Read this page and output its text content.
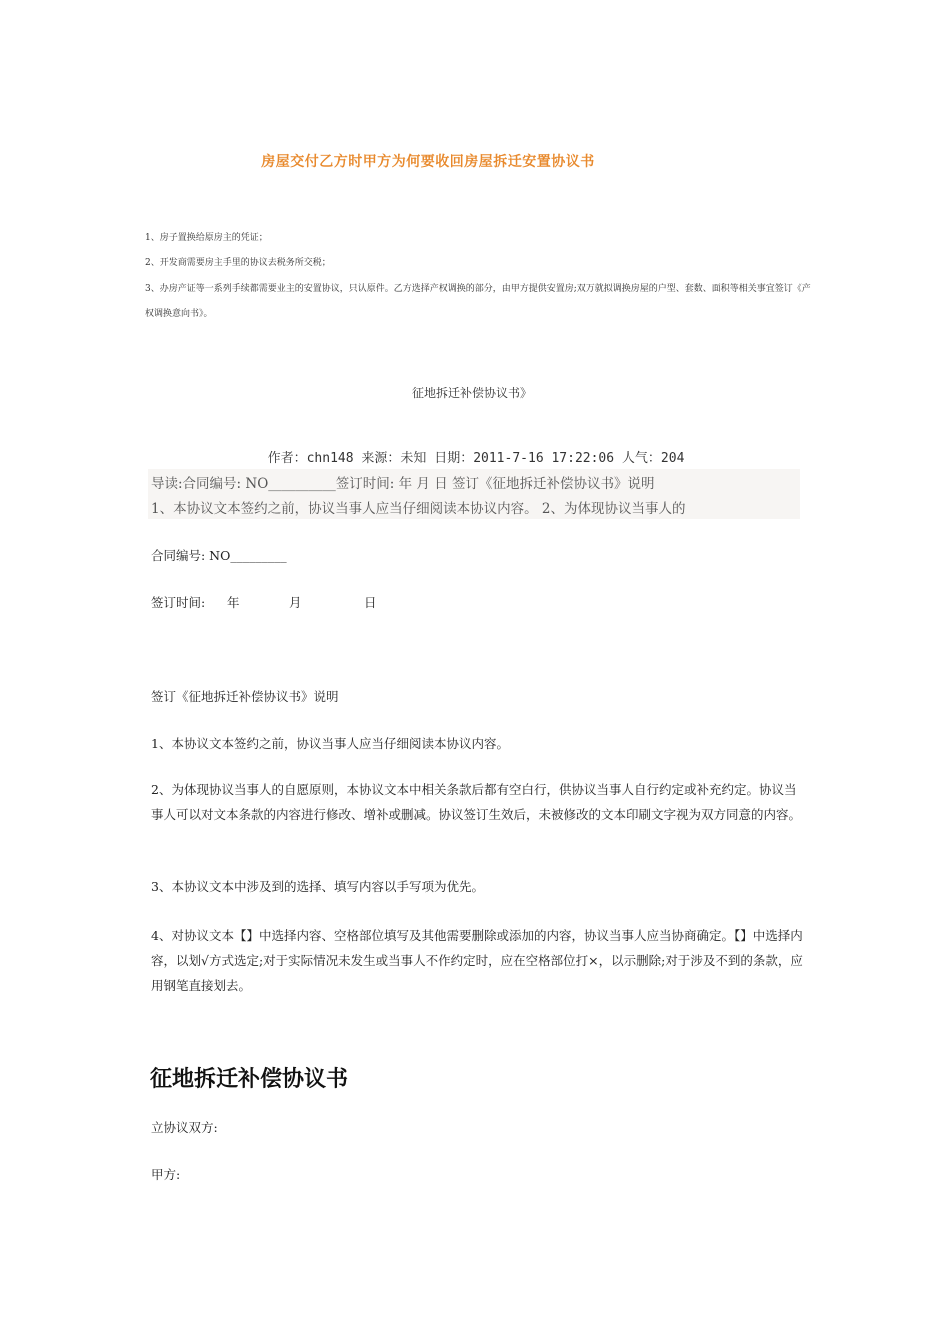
房屋交付乙方时甲方为何要收回房屋拆迁安置协议书
1、房子置换给原房主的凭证；
2、开发商需要房主手里的协议去税务所交税；
3、办房产证等一系列手续都需要业主的安置协议，只认原件。乙方选择产权调换的部分，由甲方提供安置房;双万就拟调换房屋的户型、套数、面积等相关事宜签订《产权调换意向书》。
征地拆迁补偿协议书》
作者：chn148 来源：未知 日期：2011-7-16 17:22:06 人气：204
导读:合同编号: NO__________签订时间: 年 月 日 签订《征地拆迁补偿协议书》说明
1、本协议文本签约之前，协议当事人应当仔细阅读本协议内容。 2、为体现协议当事人的
合同编号: NO_________
签订时间: 年	月	日
签订《征地拆迁补偿协议书》说明
1、本协议文本签约之前，协议当事人应当仔细阅读本协议内容。
2、为体现协议当事人的自愿原则，本协议文本中相关条款后都有空白行，供协议当事人自行约定或补充约定。协议当事人可以对文本条款的内容进行修改、增补或删减。协议签订生效后，未被修改的文本印刷文字视为双方同意的内容。
3、本协议文本中涉及到的选择、填写内容以手写项为优先。
4、对协议文本【】中选择内容、空格部位填写及其他需要删除或添加的内容，协议当事人应当协商确定。【】中选择内容，以划√方式选定;对于实际情况未发生或当事人不作约定时，应在空格部位打×，以示删除;对于涉及不到的条款，应用钢笔直接划去。
征地拆迁补偿协议书
立协议双方:
甲方:
